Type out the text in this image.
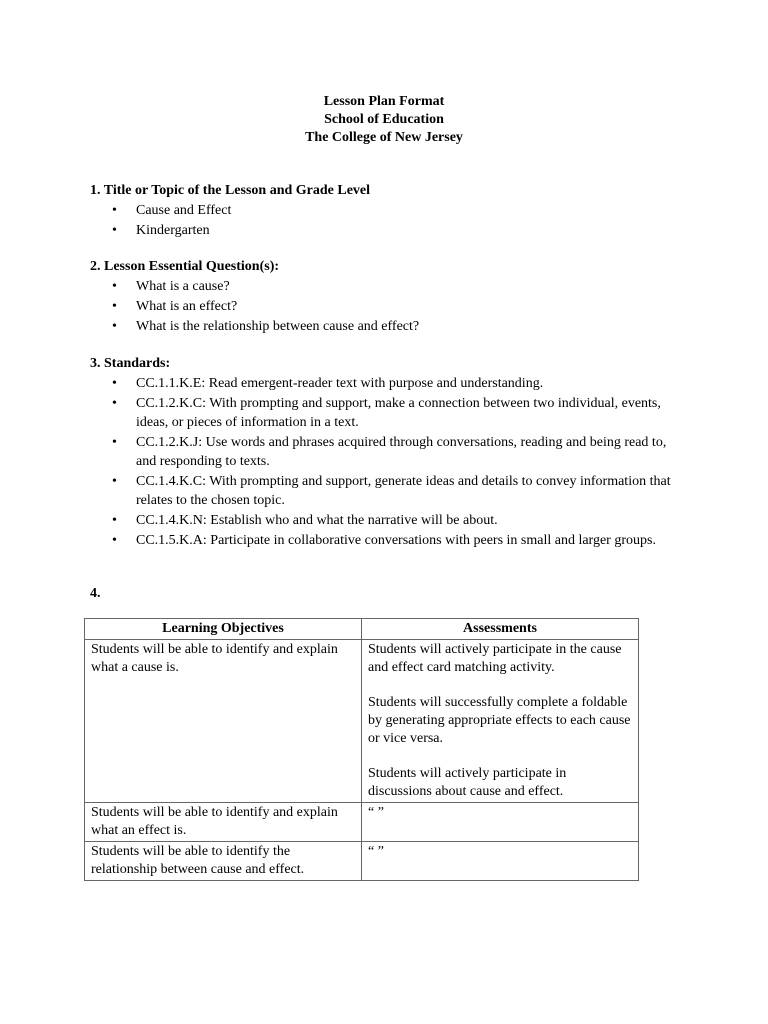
Lesson Plan Format
School of Education
The College of New Jersey
1. Title or Topic of the Lesson and Grade Level
• Cause and Effect
• Kindergarten
2. Lesson Essential Question(s):
• What is a cause?
• What is an effect?
• What is the relationship between cause and effect?
3. Standards:
• CC.1.1.K.E: Read emergent-reader text with purpose and understanding.
• CC.1.2.K.C: With prompting and support, make a connection between two individual, events, ideas, or pieces of information in a text.
• CC.1.2.K.J: Use words and phrases acquired through conversations, reading and being read to, and responding to texts.
• CC.1.4.K.C: With prompting and support, generate ideas and details to convey information that relates to the chosen topic.
• CC.1.4.K.N: Establish who and what the narrative will be about.
• CC.1.5.K.A: Participate in collaborative conversations with peers in small and larger groups.
4.
Learning Objectives	Assessments
Students will be able to identify and explain what a cause is.	Students will actively participate in the cause and effect card matching activity.

Students will successfully complete a foldable by generating appropriate effects to each cause or vice versa.

Students will actively participate in discussions about cause and effect.

Students will be able to identify and explain what an effect is.	“ ”

Students will be able to identify the relationship between cause and effect.	“ ”
